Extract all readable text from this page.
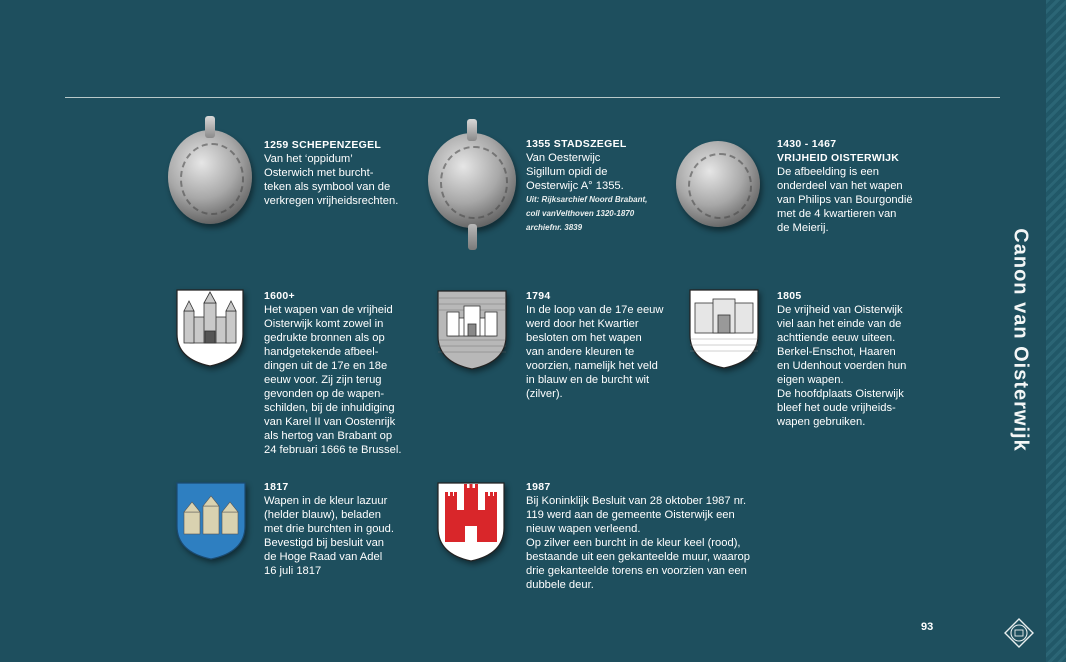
Canon van Oisterwijk
1259 SCHEPENZEGEL
Van het ‘oppidum’
Osterwich met burcht-
teken als symbool van de
verkregen vrijheidsrechten.
1355 STADSZEGEL
Van Oesterwijc
Sigillum opidi de
Oesterwijc A° 1355.
Uit: Rijksarchief Noord Brabant,
coll vanVelthoven 1320-1870
archiefnr. 3839
1430 - 1467
VRIJHEID OISTERWIJK
De afbeelding is een
onderdeel van het wapen
van Philips van Bourgondië
met de 4 kwartieren van
de Meierij.
1600+
Het wapen van de vrijheid
Oisterwijk komt zowel in
gedrukte bronnen als op
handgetekende afbeel-
dingen uit de 17e en 18e
eeuw voor. Zij zijn terug
gevonden op de wapen-
schilden, bij de inhuldiging
van Karel II van Oostenrijk
als hertog van Brabant op
24 februari 1666 te Brussel.
1794
In de loop van de 17e eeuw
werd door het Kwartier
besloten om het wapen
van andere kleuren te
voorzien, namelijk het veld
in blauw en de burcht wit
(zilver).
1805
De vrijheid van Oisterwijk
viel aan het einde van de
achttiende eeuw uiteen.
Berkel-Enschot, Haaren
en Udenhout voerden hun
eigen wapen.
De hoofdplaats Oisterwijk
bleef het oude vrijheids-
wapen gebruiken.
1817
Wapen in de kleur lazuur
(helder blauw), beladen
met drie burchten in goud.
Bevestigd bij besluit van
de Hoge Raad van Adel
16 juli 1817
1987
Bij Koninklijk Besluit van 28 oktober 1987 nr.
119 werd aan de gemeente Oisterwijk een
nieuw wapen verleend.
Op zilver een burcht in de kleur keel (rood),
bestaande uit een gekanteelde muur, waarop
drie gekanteelde torens en voorzien van een
dubbele deur.
93
